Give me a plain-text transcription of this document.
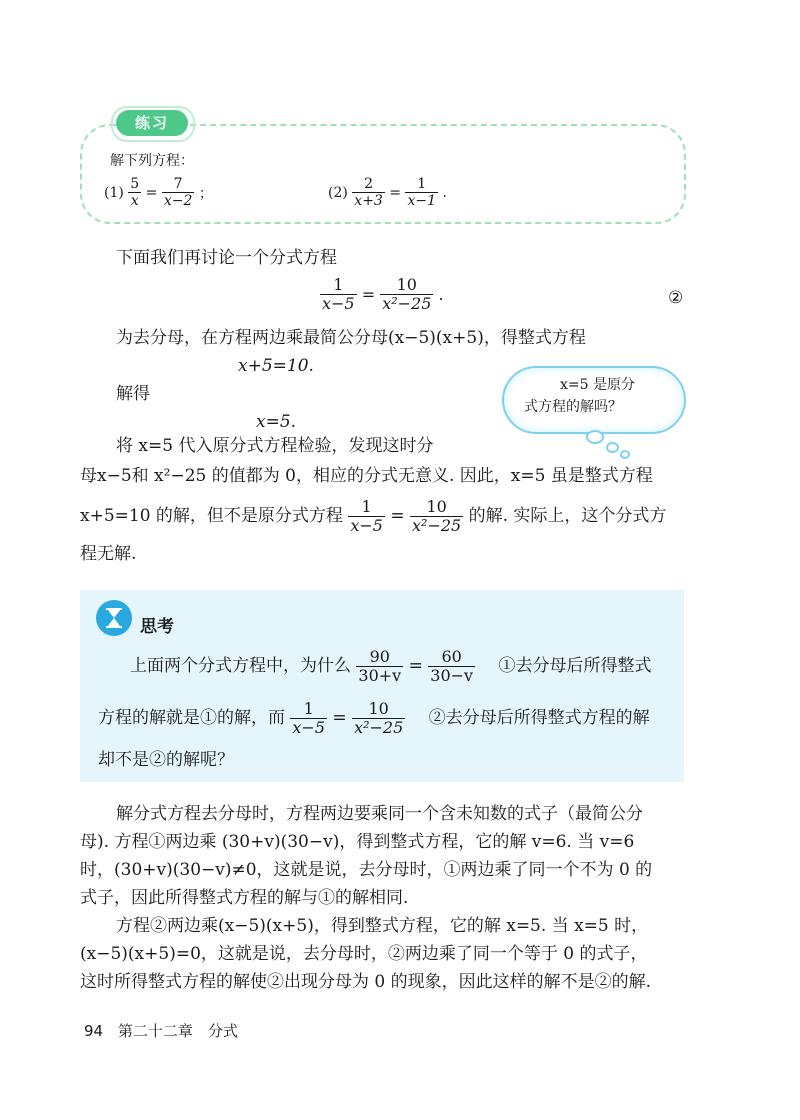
练习
解下列方程：
$(1) \frac{5}{x} = \frac{7}{x-2}$ ；	$(2) \frac{2}{x+3} = \frac{1}{x-1}$ .
下面我们再讨论一个分式方程
$\frac{1}{x-5} = \frac{10}{\text{x²−25}}$ .	②
为去分母，在方程两边乘最简公分母(x−5)(x+5)，得整式方程
x+5=10.
解得
x=5.
x=5 是原分
式方程的解吗？
将 x=5 代入原分式方程检验，发现这时分
母x−5和 x²−25 的值都为 0，相应的分式无意义. 因此，x=5 虽是整式方程
x+5=10 的解，但不是原分式方程 $\frac{1}{x-5} = \frac{10}{\text{x²−25}}$ 的解. 实际上，这个分式方
程无解.
思考
上面两个分式方程中，为什么 $\frac{90}{30+v} = \frac{60}{30-v}$ ①去分母后所得整式
方程的解就是①的解，而 $\frac{1}{x-5} = \frac{10}{\text{x²−25}}$ ②去分母后所得整式方程的解
却不是②的解呢？
解分式方程去分母时，方程两边要乘同一个含未知数的式子（最简公分
母). 方程①两边乘 (30+v)(30−v)，得到整式方程，它的解 v=6. 当 v=6
时，(30+v)(30−v)≠0，这就是说，去分母时，①两边乘了同一个不为 0 的
式子，因此所得整式方程的解与①的解相同.
方程②两边乘(x−5)(x+5)，得到整式方程，它的解 x=5. 当 x=5 时，
(x−5)(x+5)=0，这就是说，去分母时，②两边乘了同一个等于 0 的式子，
这时所得整式方程的解使②出现分母为 0 的现象，因此这样的解不是②的解.
94 第二十二章　分式
